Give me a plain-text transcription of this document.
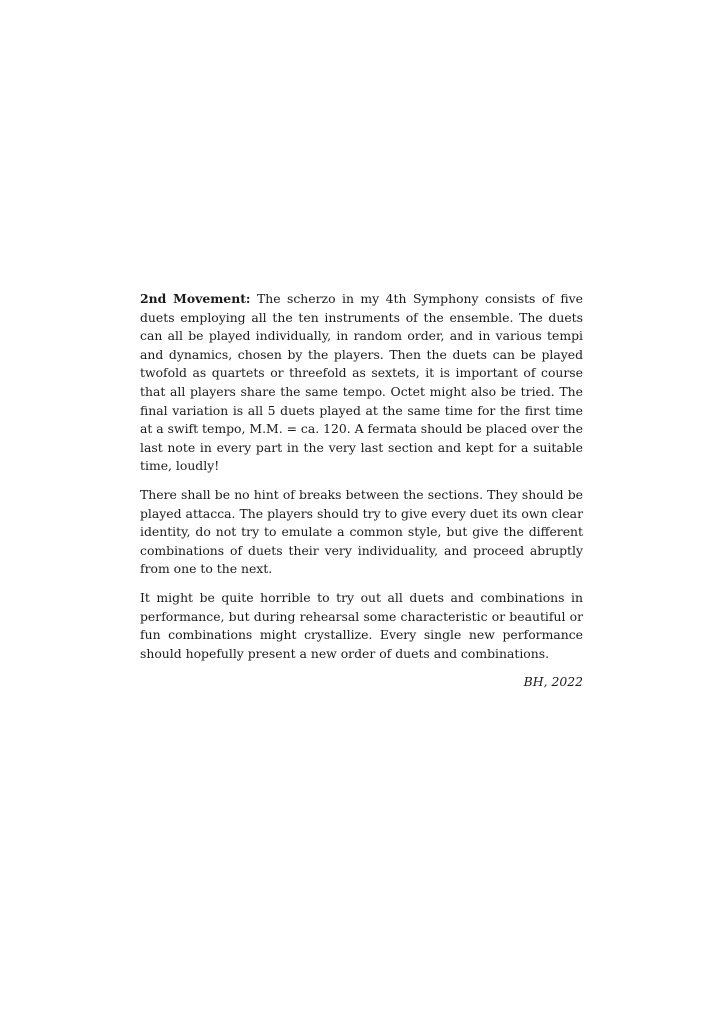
2nd Movement: The scherzo in my 4th Symphony consists of five duets employing all the ten instruments of the ensemble. The duets can all be played individually, in random order, and in various tempi and dynamics, chosen by the players. Then the duets can be played twofold as quartets or threefold as sextets, it is important of course that all players share the same tempo. Octet might also be tried. The final variation is all 5 duets played at the same time for the first time at a swift tempo, M.M. = ca. 120. A fermata should be placed over the last note in every part in the very last section and kept for a suitable time, loudly!

There shall be no hint of breaks between the sections. They should be played attacca. The players should try to give every duet its own clear identity, do not try to emulate a common style, but give the different combinations of duets their very individuality, and proceed abruptly from one to the next.

It might be quite horrible to try out all duets and combinations in performance, but during rehearsal some characteristic or beautiful or fun combinations might crystallize. Every single new performance should hopefully present a new order of duets and combinations.

BH, 2022
